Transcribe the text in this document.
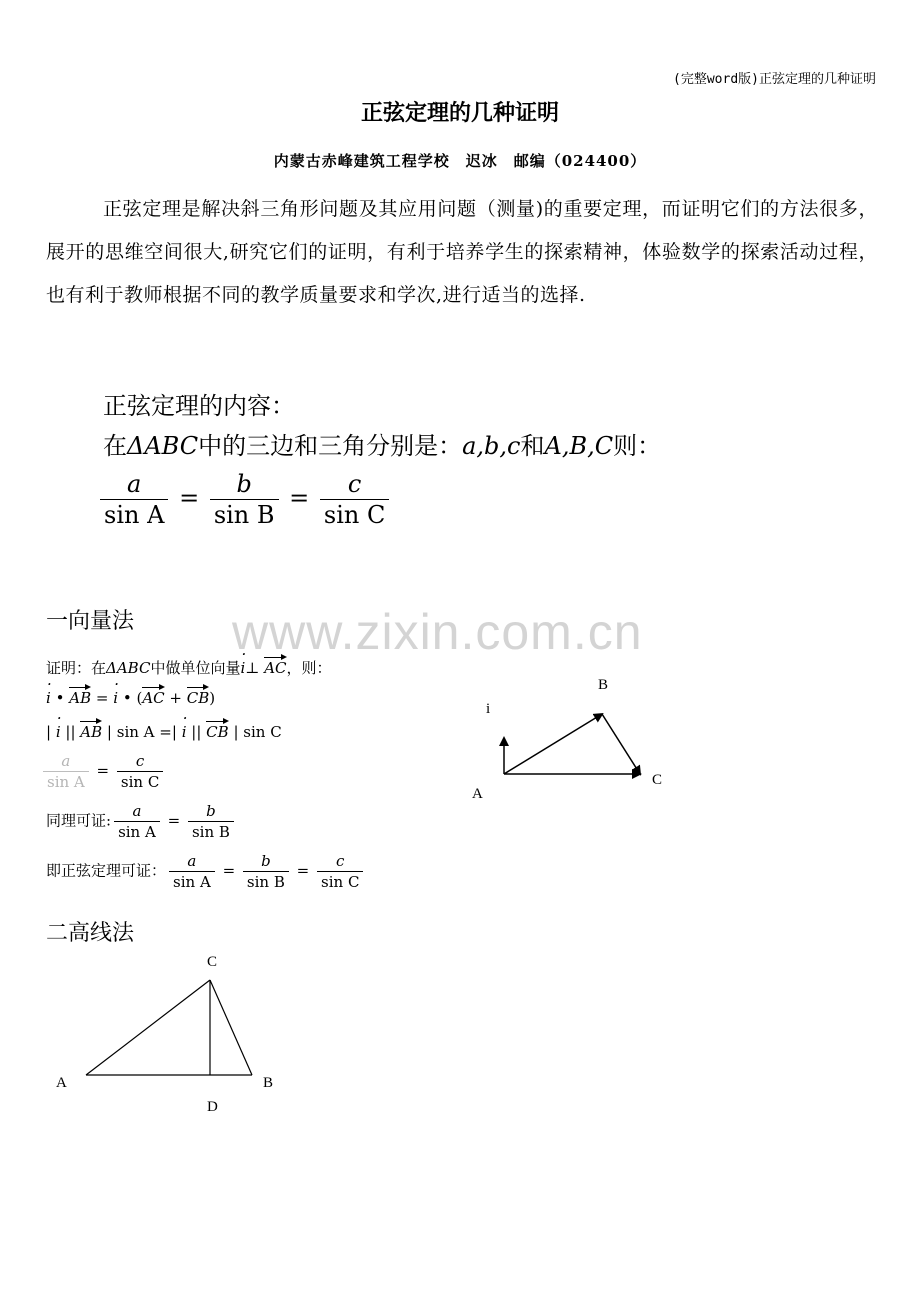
(完整word版)正弦定理的几种证明
正弦定理的几种证明
内蒙古赤峰建筑工程学校　迟冰　邮编（024400）
正弦定理是解决斜三角形问题及其应用问题（测量)的重要定理，而证明它们的方法很多，展开的思维空间很大,研究它们的证明，有利于培养学生的探索精神，体验数学的探索活动过程，也有利于教师根据不同的教学质量要求和学次,进行适当的选择.
正弦定理的内容：
在ΔABC中的三边和三角分别是：a,b,c和A,B,C则：
$\frac{a}{\text{sin A}} = \frac{b}{\text{sin B}} = \frac{c}{\text{sin C}}$
www.zixin.com.cn
一向量法
证明：在ΔABC中做单位向量· i⊥ AC，则：
· i • AB = · i • (AC + CB)
| · i || AB | sin A =| · i || CB | sin C
$\frac{a}{\text{sin A}} = \frac{c}{\text{sin C}}$
同理可证: $\frac{a}{\text{sin A}} = \frac{b}{\text{sin B}}$
即正弦定理可证： $\frac{a}{\text{sin A}} = \frac{b}{\text{sin B}} = \frac{c}{\text{sin C}}$
A
B
C
i
二高线法
A	B
C
D
